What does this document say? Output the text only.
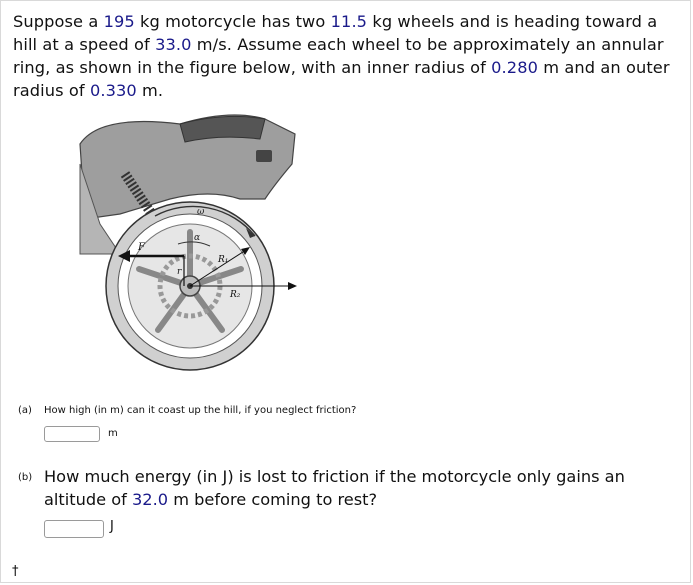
Suppose a 195 kg motorcycle has two 11.5 kg wheels and is heading toward a hill at a speed of 33.0 m/s. Assume each wheel to be approximately an annular ring, as shown in the figure below, with an inner radius of 0.280 m and an outer radius of 0.330 m.
ω
α
F
r
R₁
R₂
(a) How high (in m) can it coast up the hill, if you neglect friction?
m
(b) How much energy (in J) is lost to friction if the motorcycle only gains an altitude of 32.0 m before coming to rest?
J
†
